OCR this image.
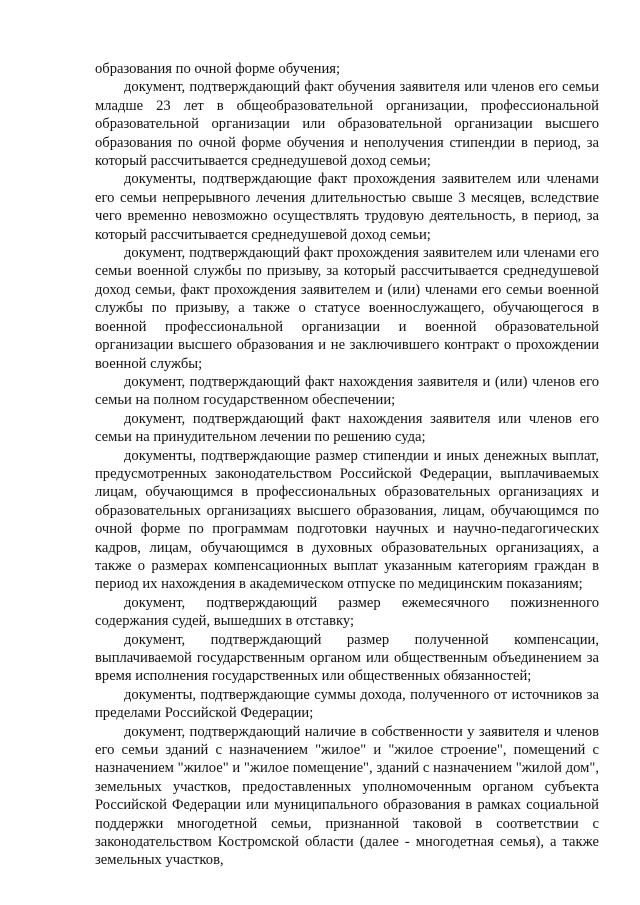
образования по очной форме обучения;

документ, подтверждающий факт обучения заявителя или членов его семьи младше 23 лет в общеобразовательной организации, профессиональной образовательной организации или образовательной организации высшего образования по очной форме обучения и неполучения стипендии в период, за который рассчитывается среднедушевой доход семьи;

документы, подтверждающие факт прохождения заявителем или членами его семьи непрерывного лечения длительностью свыше 3 месяцев, вследствие чего временно невозможно осуществлять трудовую деятельность, в период, за который рассчитывается среднедушевой доход семьи;

документ, подтверждающий факт прохождения заявителем или членами его семьи военной службы по призыву, за который рассчитывается среднедушевой доход семьи, факт прохождения заявителем и (или) членами его семьи военной службы по призыву, а также о статусе военнослужащего, обучающегося в военной профессиональной организации и военной образовательной организации высшего образования и не заключившего контракт о прохождении военной службы;

документ, подтверждающий факт нахождения заявителя и (или) членов его семьи на полном государственном обеспечении;

документ, подтверждающий факт нахождения заявителя или членов его семьи на принудительном лечении по решению суда;

документы, подтверждающие размер стипендии и иных денежных выплат, предусмотренных законодательством Российской Федерации, выплачиваемых лицам, обучающимся в профессиональных образовательных организациях и образовательных организациях высшего образования, лицам, обучающимся по очной форме по программам подготовки научных и научно-педагогических кадров, лицам, обучающимся в духовных образовательных организациях, а также о размерах компенсационных выплат указанным категориям граждан в период их нахождения в академическом отпуске по медицинским показаниям;

документ, подтверждающий размер ежемесячного пожизненного содержания судей, вышедших в отставку;

документ, подтверждающий размер полученной компенсации, выплачиваемой государственным органом или общественным объединением за время исполнения государственных или общественных обязанностей;

документы, подтверждающие суммы дохода, полученного от источников за пределами Российской Федерации;

документ, подтверждающий наличие в собственности у заявителя и членов его семьи зданий с назначением "жилое" и "жилое строение", помещений с назначением "жилое" и "жилое помещение", зданий с назначением "жилой дом", земельных участков, предоставленных уполномоченным органом субъекта Российской Федерации или муниципального образования в рамках социальной поддержки многодетной семьи, признанной таковой в соответствии с законодательством Костромской области (далее - многодетная семья), а также земельных участков,
